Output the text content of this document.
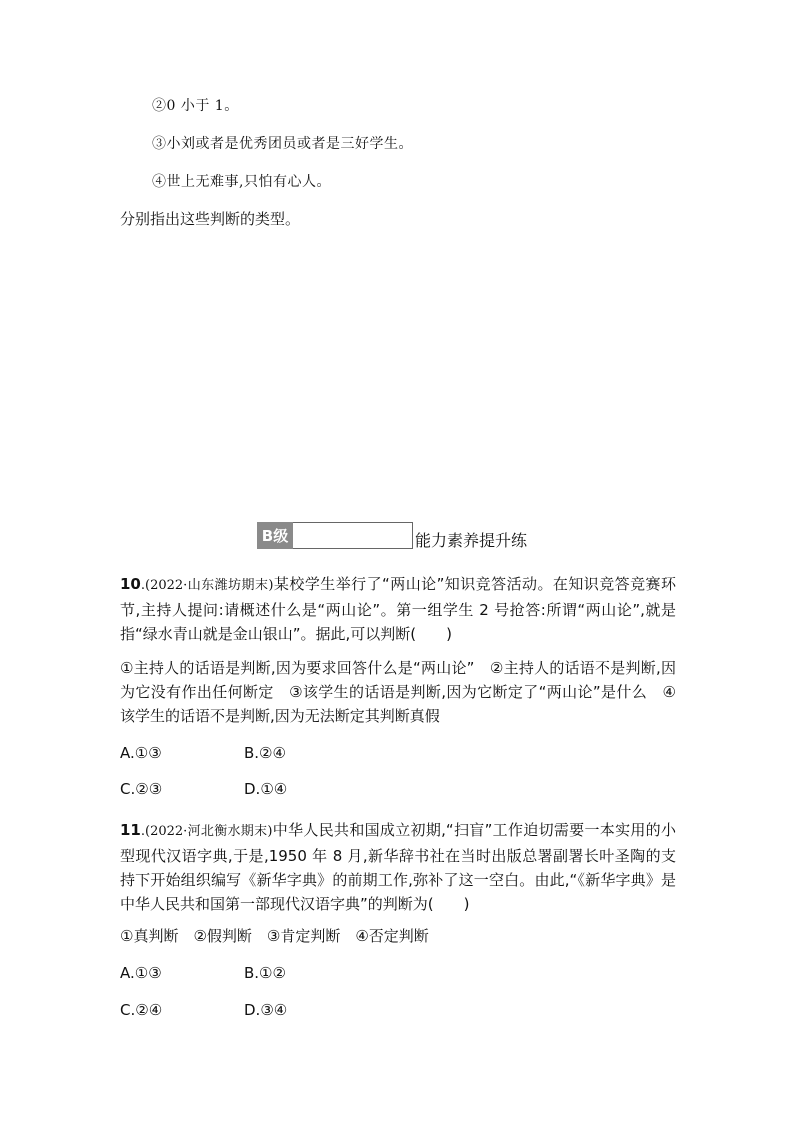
②0 小于 1。
③小刘或者是优秀团员或者是三好学生。
④世上无难事,只怕有心人。
分别指出这些判断的类型。
B级	能力素养提升练
10.(2022·山东潍坊期末)某校学生举行了“两山论”知识竞答活动。在知识竞答竞赛环节,主持人提问:请概述什么是“两山论”。第一组学生 2 号抢答:所谓“两山论”,就是指“绿水青山就是金山银山”。据此,可以判断(　　)
①主持人的话语是判断,因为要求回答什么是“两山论”　②主持人的话语不是判断,因为它没有作出任何断定　③该学生的话语是判断,因为它断定了“两山论”是什么　④该学生的话语不是判断,因为无法断定其判断真假
A.①③	B.②④
C.②③	D.①④
11.(2022·河北衡水期末)中华人民共和国成立初期,“扫盲”工作迫切需要一本实用的小型现代汉语字典,于是,1950 年 8 月,新华辞书社在当时出版总署副署长叶圣陶的支持下开始组织编写《新华字典》的前期工作,弥补了这一空白。由此,“《新华字典》是中华人民共和国第一部现代汉语字典”的判断为(　　)
①真判断　②假判断　③肯定判断　④否定判断
A.①③	B.①②
C.②④	D.③④
